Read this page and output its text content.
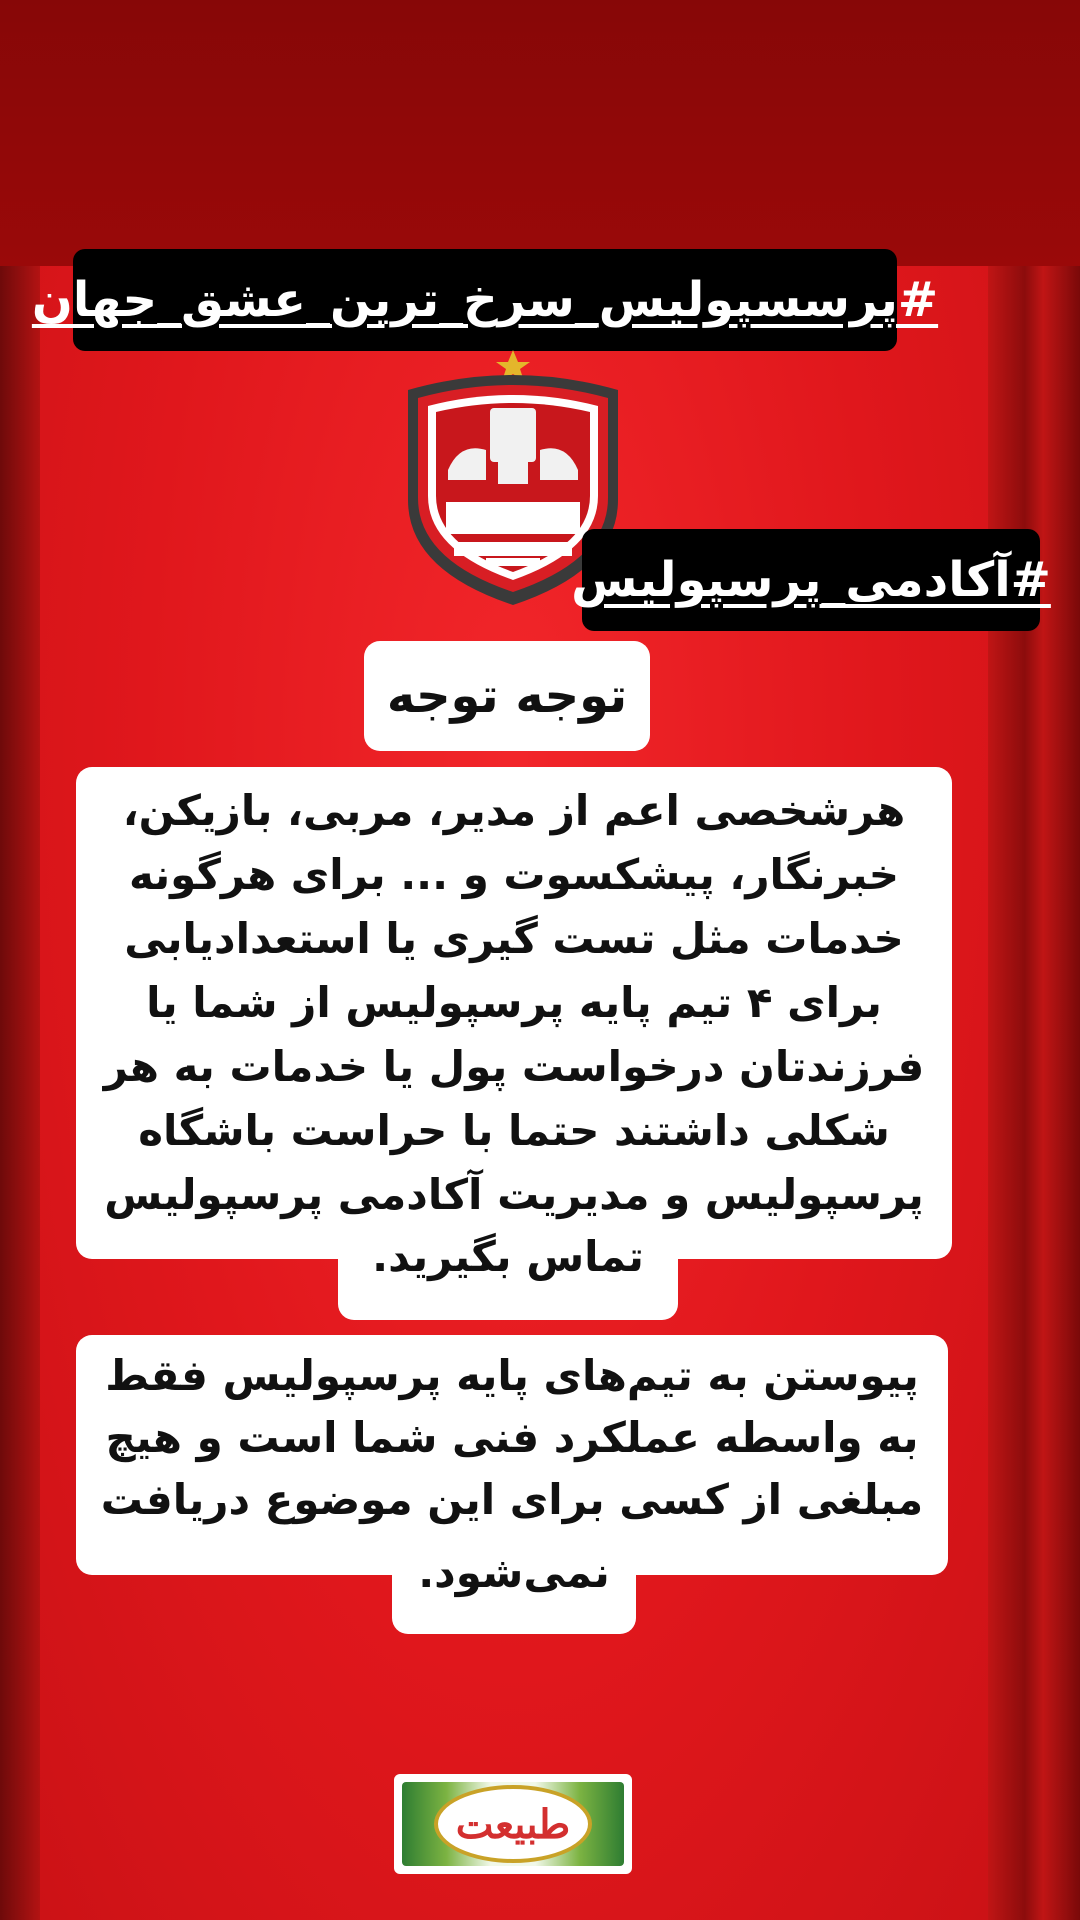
#پرسسپولیس_سرخ_ترین_عشق_جهان
#آکادمی_پرسپولیس
توجه توجه
هرشخصی اعم از مدیر، مربی، بازیکن، خبرنگار، پیشکسوت و ... برای هرگونه خدمات مثل تست گیری یا استعدادیابی برای ۴ تیم پایه پرسپولیس از شما یا فرزندتان درخواست پول یا خدمات به هر شکلی داشتند حتما با حراست باشگاه پرسپولیس و مدیریت آکادمی پرسپولیس
تماس بگیرید.
پیوستن به تیم‌های پایه پرسپولیس فقط به واسطه عملکرد فنی شما است و هیچ مبلغی از کسی برای این موضوع دریافت
نمی‌شود.
طبیعت
